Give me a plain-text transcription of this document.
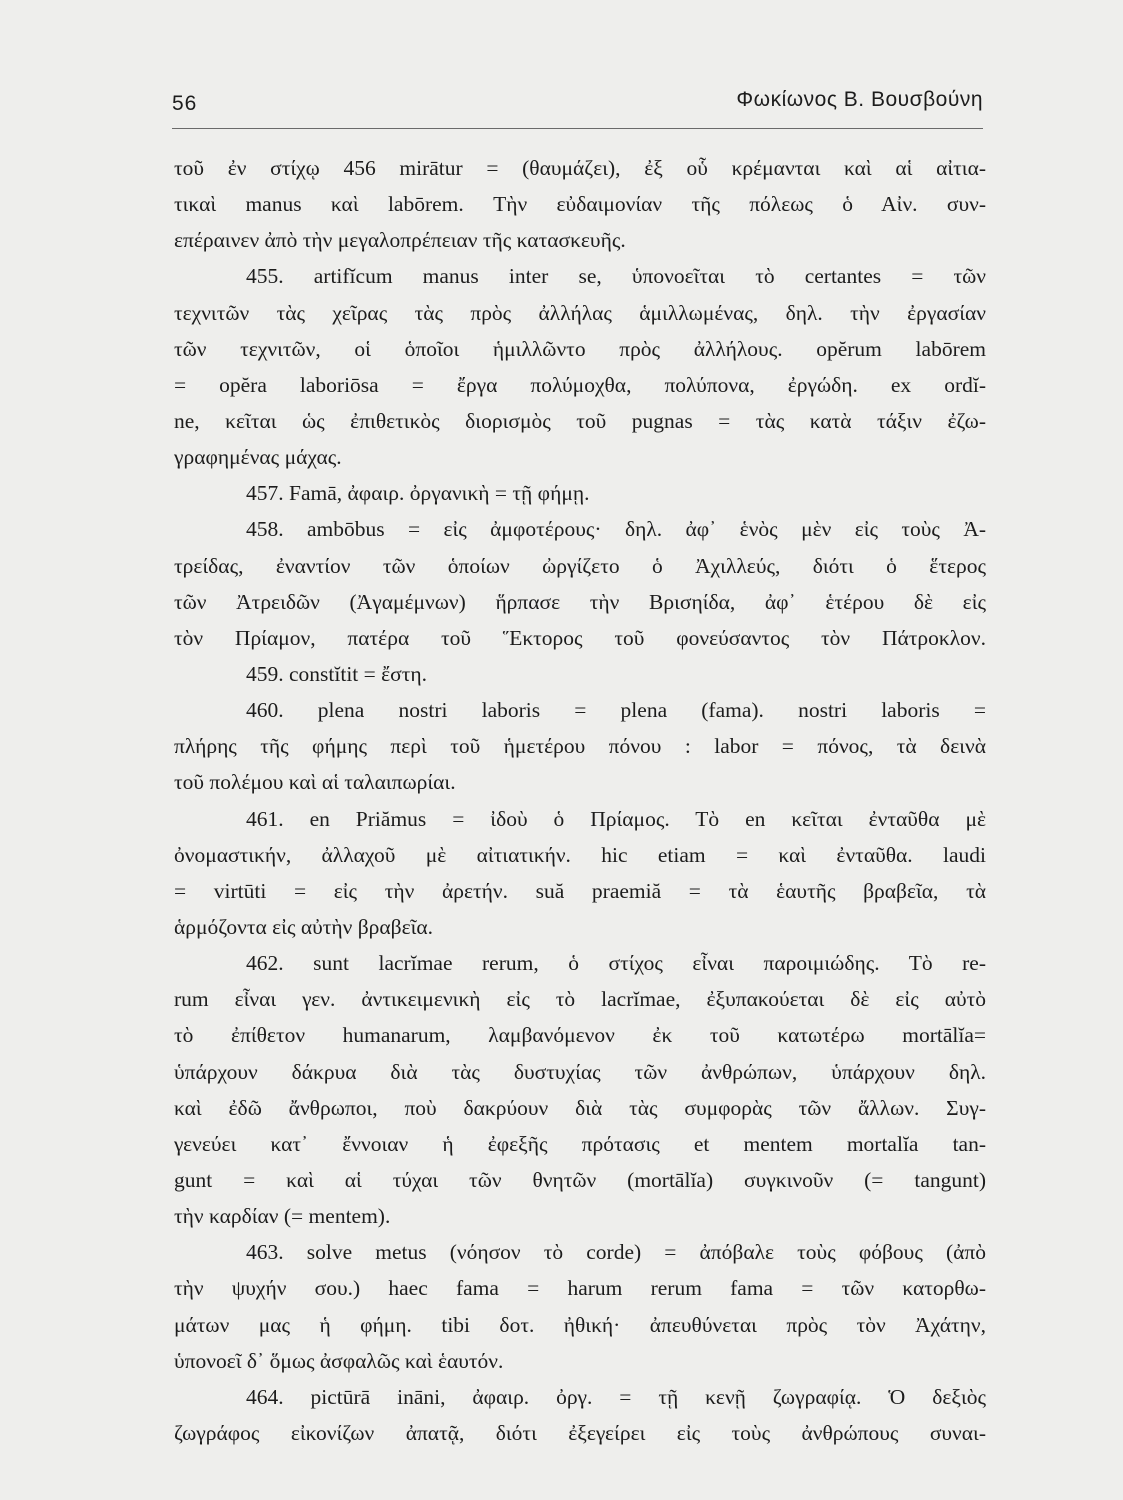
56	Φωκίωνος Β. Βουσβούνη
τοῦ ἐν στίχῳ 456 mirātur = (θαυμάζει), ἐξ οὗ κρέμανται καὶ αἱ αἰτια-
τικαὶ manus καὶ labōrem. Τὴν εὐδαιμονίαν τῆς πόλεως ὁ Αἰν. συν-
επέραινεν ἀπὸ τὴν μεγαλοπρέπειαν τῆς κατασκευῆς.
455. artifĭcum manus inter se, ὑπονοεῖται τὸ certantes = τῶν
τεχνιτῶν τὰς χεῖρας τὰς πρὸς ἀλλήλας ἁμιλλωμένας, δηλ. τὴν ἐργασίαν
τῶν τεχνιτῶν, οἱ ὁποῖοι ἡμιλλῶντο πρὸς ἀλλήλους. opĕrum labōrem
= opĕra laboriōsa = ἔργα πολύμοχθα, πολύπονα, ἐργώδη. ex ordĭ-
ne, κεῖται ὡς ἐπιθετικὸς διορισμὸς τοῦ pugnas = τὰς κατὰ τάξιν ἐζω-
γραφημένας μάχας.
457. Famā, ἀφαιρ. ὀργανικὴ = τῇ φήμῃ.
458. ambōbus = εἰς ἀμφοτέρους· δηλ. ἀφ᾽ ἑνὸς μὲν εἰς τοὺς Ἀ-
τρείδας, ἐναντίον τῶν ὁποίων ὠργίζετο ὁ Ἀχιλλεύς, διότι ὁ ἕτερος
τῶν Ἀτρειδῶν (Ἀγαμέμνων) ἥρπασε τὴν Βρισηίδα, ἀφ᾽ ἑτέρου δὲ εἰς
τὸν Πρίαμον, πατέρα τοῦ Ἕκτορος τοῦ φονεύσαντος τὸν Πάτροκλον.
459. constĭtit = ἔστη.
460. plena nostri laboris = plena (fama). nostri laboris =
πλήρης τῆς φήμης περὶ τοῦ ἡμετέρου πόνου : labor = πόνος, τὰ δεινὰ
τοῦ πολέμου καὶ αἱ ταλαιπωρίαι.
461. en Priămus = ἰδοὺ ὁ Πρίαμος. Τὸ en κεῖται ἐνταῦθα μὲ
ὀνομαστικήν, ἀλλαχοῦ μὲ αἰτιατικήν. hic etiam = καὶ ἐνταῦθα. laudi
= virtūti = εἰς τὴν ἀρετήν. suă praemiă = τὰ ἑαυτῆς βραβεῖα, τὰ
ἁρμόζοντα εἰς αὐτὴν βραβεῖα.
462. sunt lacrĭmae rerum, ὁ στίχος εἶναι παροιμιώδης. Τὸ re-
rum εἶναι γεν. ἀντικειμενικὴ εἰς τὸ lacrĭmae, ἐξυπακούεται δὲ εἰς αὐτὸ
τὸ ἐπίθετον humanarum, λαμβανόμενον ἐκ τοῦ κατωτέρω mortālĭa=
ὑπάρχουν δάκρυα διὰ τὰς δυστυχίας τῶν ἀνθρώπων, ὑπάρχουν δηλ.
καὶ ἐδῶ ἄνθρωποι, ποὺ δακρύουν διὰ τὰς συμφορὰς τῶν ἄλλων. Συγ-
γενεύει κατ᾽ ἔννοιαν ἡ ἐφεξῆς πρότασις et mentem mortalĭa tan-
gunt = καὶ αἱ τύχαι τῶν θνητῶν (mortālĭa) συγκινοῦν (= tangunt)
τὴν καρδίαν (= mentem).
463. solve metus (νόησον τὸ corde) = ἀπόβαλε τοὺς φόβους (ἀπὸ
τὴν ψυχήν σου.) haec fama = harum rerum fama = τῶν κατορθω-
μάτων μας ἡ φήμη. tibi δοτ. ἠθική· ἀπευθύνεται πρὸς τὸν Ἀχάτην,
ὑπονοεῖ δ᾽ ὅμως ἀσφαλῶς καὶ ἑαυτόν.
464. pictūrā ināni, ἀφαιρ. ὀργ. = τῇ κενῇ ζωγραφίᾳ. Ὁ δεξιὸς
ζωγράφος εἰκονίζων ἀπατᾷ, διότι ἐξεγείρει εἰς τοὺς ἀνθρώπους συναι-
